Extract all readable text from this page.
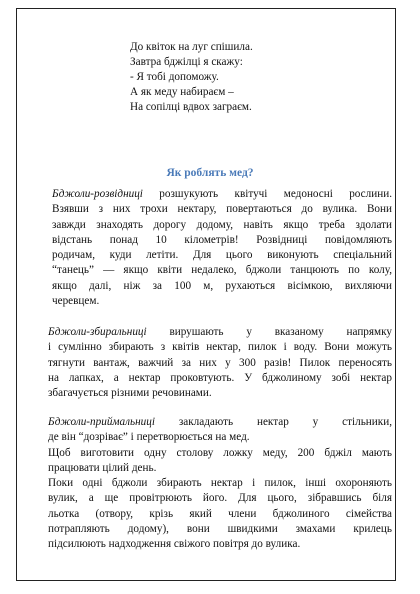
До квіток на луг спішила.
Завтра бджілці я скажу:
- Я тобі допоможу.
А як меду набираєм –
На сопілці вдвох заграєм.
Як роблять мед?
Бджоли-розвідниці розшукують квітучі медоносні рослини.
Взявши з них трохи нектару, повертаються до вулика. Вони
завжди знаходять дорогу додому, навіть якщо треба здолати
відстань понад 10 кілометрів! Розвідниці повідомляють
родичам, куди летіти. Для цього виконують спеціальний
“танець” — якщо квіти недалеко, бджоли танцюють по колу,
якщо далі, ніж за 100 м, рухаються вісімкою, вихляючи
черевцем.
Бджоли-збиральниці вирушають у вказаному напрямку
і сумлінно збирають з квітів нектар, пилок і воду. Вони можуть
тягнути вантаж, важчий за них у 300 разів! Пилок переносять
на лапках, а нектар проковтують. У бджолиному зобі нектар
збагачується різними речовинами.
Бджоли-приймальниці закладають нектар у стільники,
де він “дозріває” і перетворюється на мед.
Щоб виготовити одну столову ложку меду, 200 бджіл мають
працювати цілий день.
Поки одні бджоли збирають нектар і пилок, інші охороняють
вулик, а ще провітрюють його. Для цього, зібравшись біля
льотка (отвору, крізь який члени бджолиного сімейства
потрапляють додому), вони швидкими змахами крилець
підсилюють надходження свіжого повітря до вулика.
